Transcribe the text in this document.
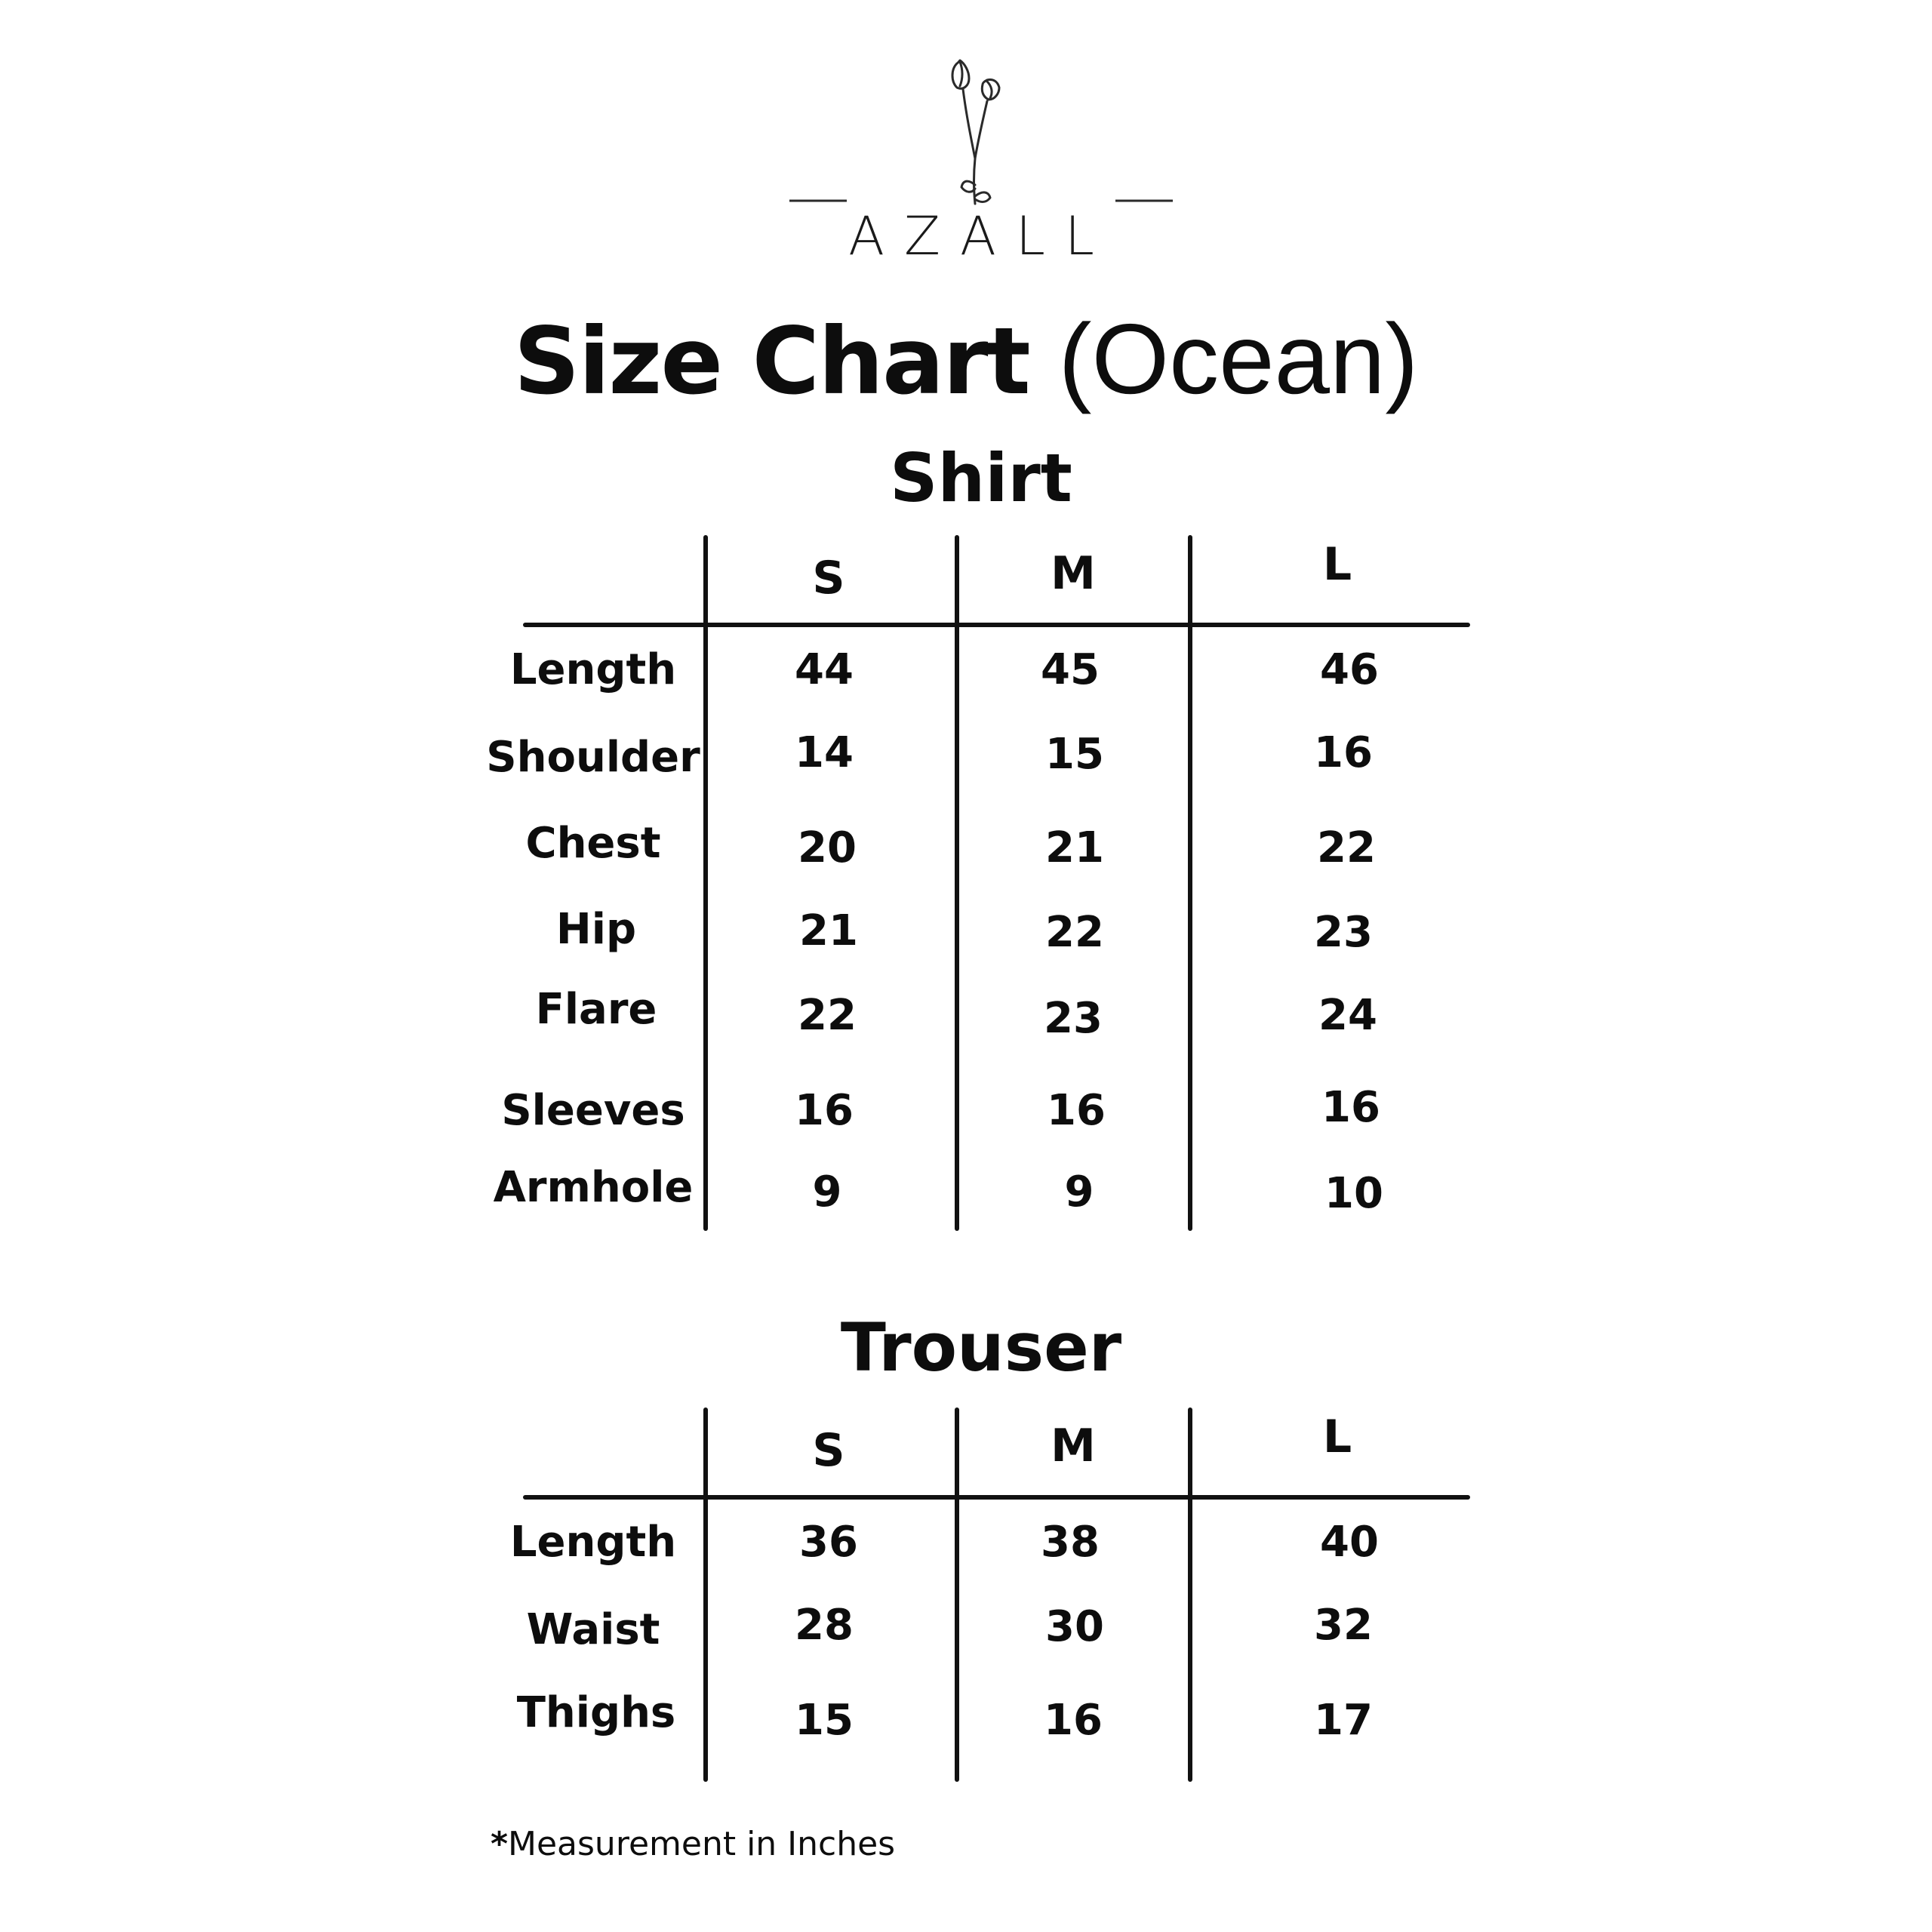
AZALL
Size Chart (Ocean)
Shirt
Trouser
S	M	L
Length	44	45	46
Shoulder	14	15	16
Chest	20	21	22
Hip	21	22	23
Flare	22	23	24
Sleeves	16	16	16
Armhole	9	9	10
S	M	L
Length	36	38	40
Waist	28	30	32
Thighs	15	16	17
*Measurement in Inches
